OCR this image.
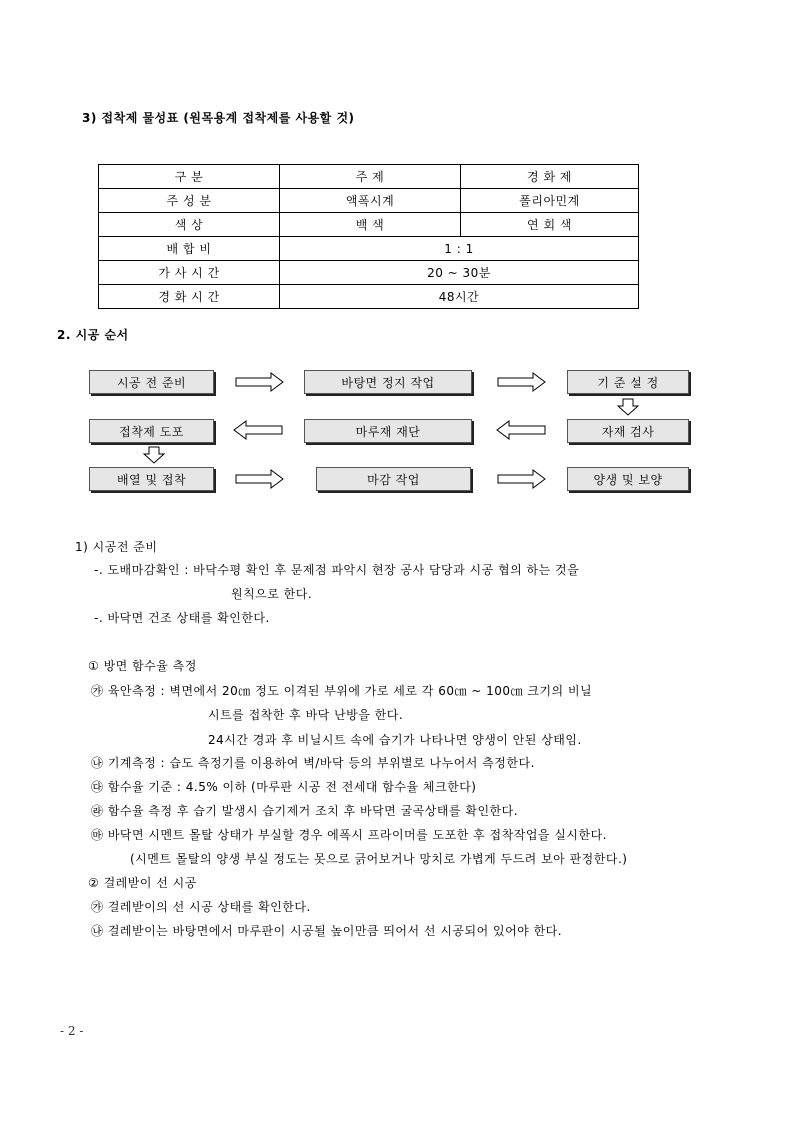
3) 접착제 물성표 (원목용계 접착제를 사용할 것)
구 분	주 제	경 화 제
주 성 분	액폭시계	폴리아민계
색 상	백 색	연 회 색
배 합 비	1 : 1	
가 사 시 간	20 ~ 30분	
경 화 시 간	48시간	
2. 시공 순서
시공 전 준비	바탕면 정지 작업	기 준 설 정
접착제 도포	마루재 재단	자재 검사
배열 및 접착	마감 작업	양생 및 보양
1) 시공전 준비
-. 도배마감확인 : 바닥수평 확인 후 문제점 파악시 현장 공사 담당과 시공 협의 하는 것을
원칙으로 한다.
-. 바닥면 건조 상태를 확인한다.
① 방면 함수율 측정
㉮ 육안측정 : 벽면에서 20㎝ 정도 이격된 부위에 가로 세로 각 60㎝ ~ 100㎝ 크기의 비닐
시트를 접착한 후 바닥 난방을 한다.
24시간 경과 후 비닐시트 속에 습기가 나타나면 양생이 안된 상태임.
㉯ 기계측정 : 습도 측정기를 이용하여 벽/바닥 등의 부위별로 나누어서 측정한다.
㉰ 함수율 기준 : 4.5% 이하 (마루판 시공 전 전세대 함수율 체크한다)
㉱ 함수율 측정 후 습기 발생시 습기제거 조치 후 바닥면 굴곡상태를 확인한다.
㉲ 바닥면 시멘트 몰탈 상태가 부실할 경우 에폭시 프라이머를 도포한 후 접착작업을 실시한다.
(시멘트 몰탈의 양생 부실 정도는 못으로 긁어보거나 망치로 가볍게 두드려 보아 판정한다.)
② 걸레받이 선 시공
㉮ 걸레받이의 선 시공 상태를 확인한다.
㉯ 걸레받이는 바탕면에서 마루판이 시공될 높이만큼 띄어서 선 시공되어 있어야 한다.
- 2 -
